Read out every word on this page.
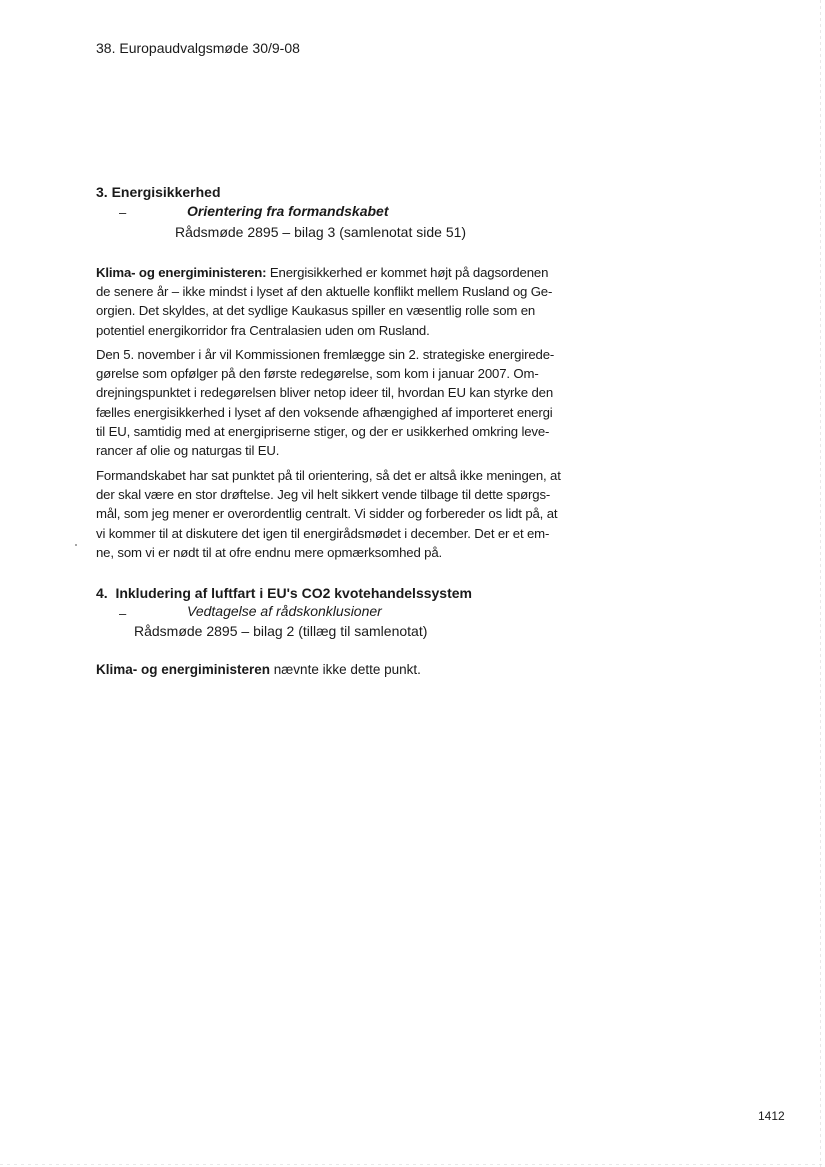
38. Europaudvalgsmøde 30/9-08
3. Energisikkerhed
–	Orientering fra formandskabet
Rådsmøde 2895 – bilag 3 (samlenotat side 51)
Klima- og energiministeren: Energisikkerhed er kommet højt på dagsordenen
de senere år – ikke mindst i lyset af den aktuelle konflikt mellem Rusland og Ge-
orgien. Det skyldes, at det sydlige Kaukasus spiller en væsentlig rolle som en
potentiel energikorridor fra Centralasien uden om Rusland.
Den 5. november i år vil Kommissionen fremlægge sin 2. strategiske energirede-
gørelse som opfølger på den første redegørelse, som kom i januar 2007. Om-
drejningspunktet i redegørelsen bliver netop ideer til, hvordan EU kan styrke den
fælles energisikkerhed i lyset af den voksende afhængighed af importeret energi
til EU, samtidig med at energipriserne stiger, og der er usikkerhed omkring leve-
rancer af olie og naturgas til EU.
Formandskabet har sat punktet på til orientering, så det er altså ikke meningen, at
der skal være en stor drøftelse. Jeg vil helt sikkert vende tilbage til dette spørgs-
mål, som jeg mener er overordentlig centralt. Vi sidder og forbereder os lidt på, at
vi kommer til at diskutere det igen til energirådsmødet i december. Det er et em-
ne, som vi er nødt til at ofre endnu mere opmærksomhed på.
4.  Inkludering af luftfart i EU's CO2 kvotehandelssystem
–	Vedtagelse af rådskonklusioner
Rådsmøde 2895 – bilag 2 (tillæg til samlenotat)
Klima- og energiministeren nævnte ikke dette punkt.
1412
